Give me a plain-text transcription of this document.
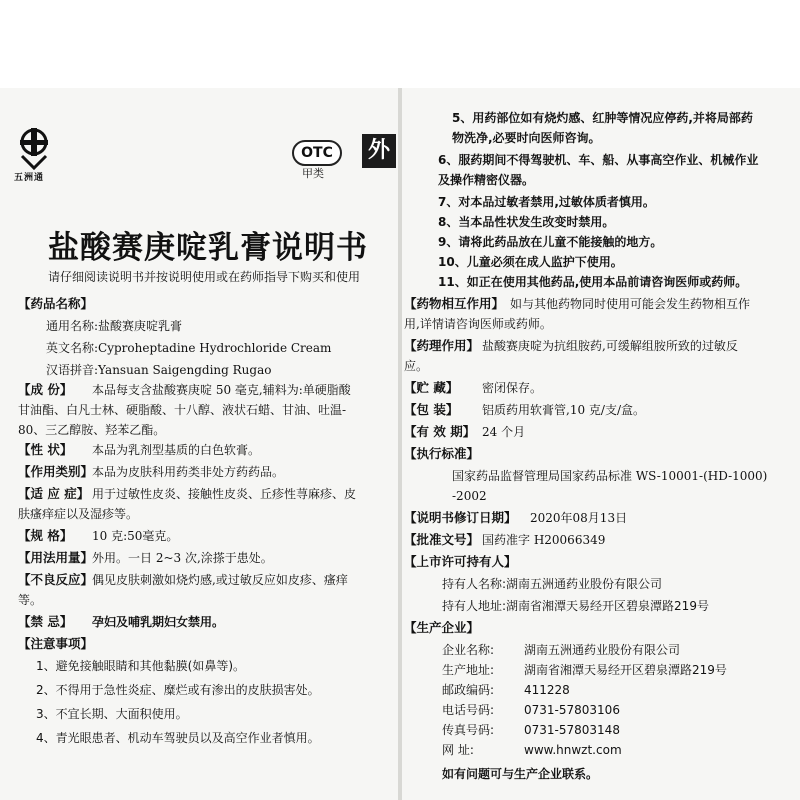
五洲通
OTC
甲类
外
盐酸赛庚啶乳膏说明书
请仔细阅读说明书并按说明使用或在药师指导下购买和使用
【药品名称】
通用名称:盐酸赛庚啶乳膏
英文名称:Cyproheptadine Hydrochloride Cream
汉语拼音:Yansuan Saigengding Rugao
【成 份】 本品每支含盐酸赛庚啶 50 毫克,辅料为:单硬脂酸
甘油酯、白凡士林、硬脂酸、十八醇、液状石蜡、甘油、吐温-
80、三乙醇胺、羟苯乙酯。
【性 状】 本品为乳剂型基质的白色软膏。
【作用类别】
本品为皮肤科用药类非处方药药品。
【适 应 症】 用于过敏性皮炎、接触性皮炎、丘疹性荨麻疹、皮
肤瘙痒症以及湿疹等。
【规 格】 10 克:50毫克。
【用法用量】
外用。一日 2~3 次,涂搽于患处。
【不良反应】
偶见皮肤刺激如烧灼感,或过敏反应如皮疹、瘙痒
等。
【禁 忌】 孕妇及哺乳期妇女禁用。
【注意事项】
1、避免接触眼睛和其他黏膜(如鼻等)。
2、不得用于急性炎症、糜烂或有渗出的皮肤损害处。
3、不宜长期、大面积使用。
4、青光眼患者、机动车驾驶员以及高空作业者慎用。
5、用药部位如有烧灼感、红肿等情况应停药,并将局部药
物洗净,必要时向医师咨询。
6、服药期间不得驾驶机、车、船、从事高空作业、机械作业
及操作精密仪器。
7、对本品过敏者禁用,过敏体质者慎用。
8、当本品性状发生改变时禁用。
9、请将此药品放在儿童不能接触的地方。
10、儿童必须在成人监护下使用。
11、如正在使用其他药品,使用本品前请咨询医师或药师。
【药物相互作用】 如与其他药物同时使用可能会发生药物相互作
用,详情请咨询医师或药师。
【药理作用】 盐酸赛庚啶为抗组胺药,可缓解组胺所致的过敏反
应。
【贮 藏】 密闭保存。
【包 装】 铝质药用软膏管,10 克/支/盒。
【有 效 期】 24 个月
【执行标准】
国家药品监督管理局国家药品标准 WS-10001-(HD-1000)
-2002
【说明书修订日期】 2020年08月13日
【批准文号】 国药准字 H20066349
【上市许可持有人】
持有人名称:湖南五洲通药业股份有限公司
持有人地址:湖南省湘潭天易经开区碧泉潭路219号
【生产企业】
企业名称: 湖南五洲通药业股份有限公司
生产地址: 湖南省湘潭天易经开区碧泉潭路219号
邮政编码: 411228
电话号码: 0731-57803106
传真号码: 0731-57803148
网 址:	www.hnwzt.com
如有问题可与生产企业联系。
